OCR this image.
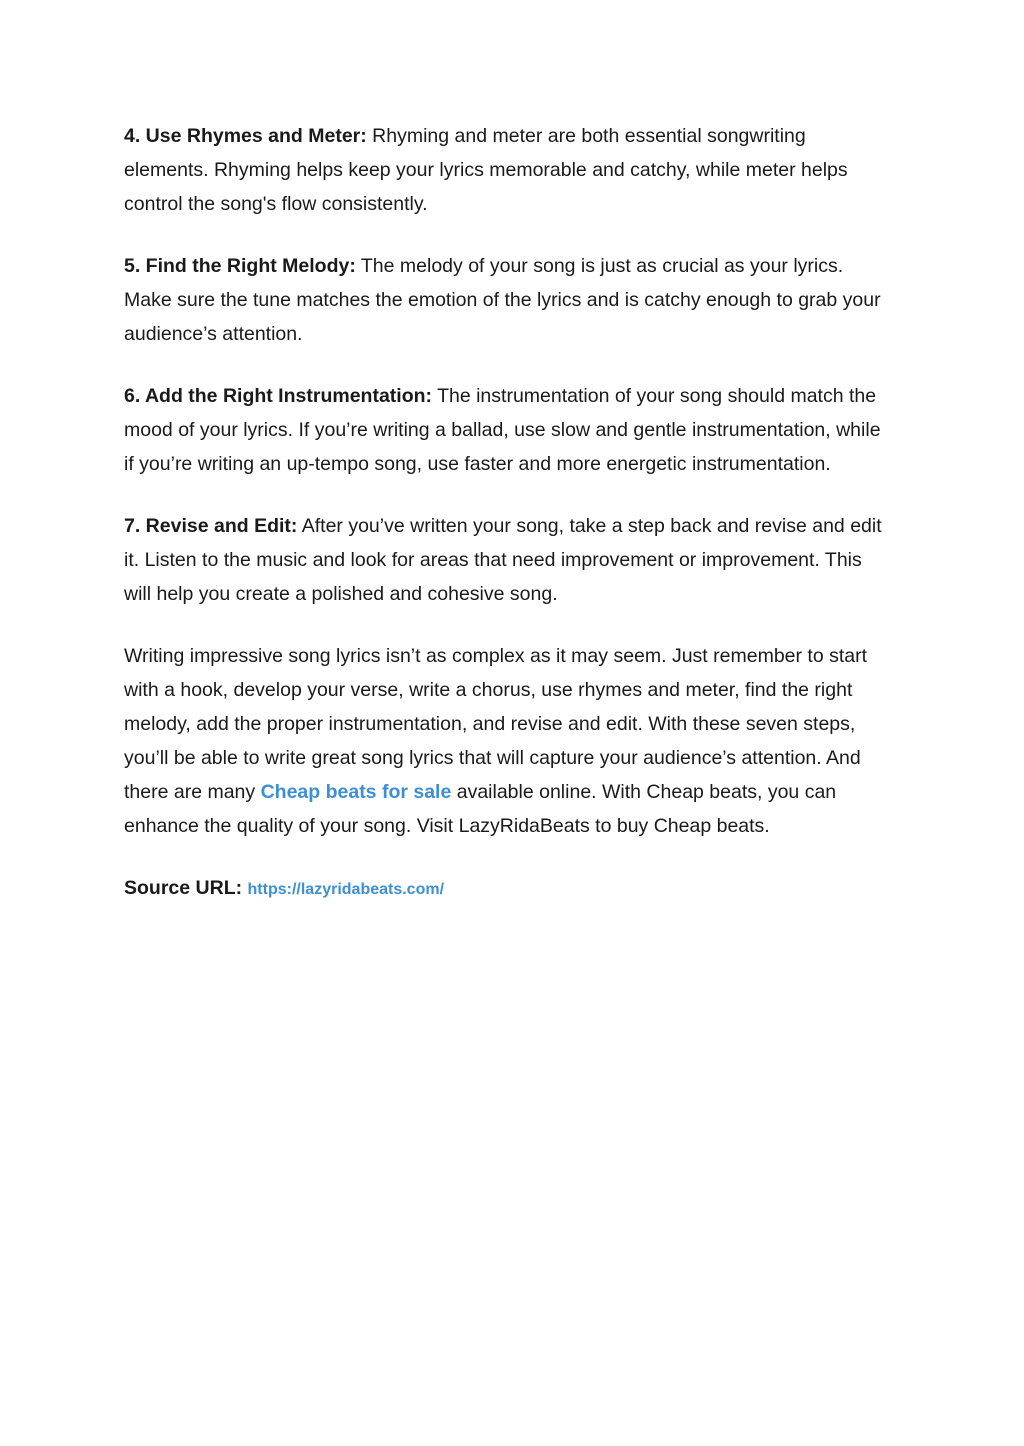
4. Use Rhymes and Meter: Rhyming and meter are both essential songwriting elements. Rhyming helps keep your lyrics memorable and catchy, while meter helps control the song's flow consistently.

5. Find the Right Melody: The melody of your song is just as crucial as your lyrics. Make sure the tune matches the emotion of the lyrics and is catchy enough to grab your audience’s attention.

6. Add the Right Instrumentation: The instrumentation of your song should match the mood of your lyrics. If you’re writing a ballad, use slow and gentle instrumentation, while if you’re writing an up-tempo song, use faster and more energetic instrumentation.

7. Revise and Edit: After you’ve written your song, take a step back and revise and edit it. Listen to the music and look for areas that need improvement or improvement. This will help you create a polished and cohesive song.

Writing impressive song lyrics isn’t as complex as it may seem. Just remember to start with a hook, develop your verse, write a chorus, use rhymes and meter, find the right melody, add the proper instrumentation, and revise and edit. With these seven steps, you’ll be able to write great song lyrics that will capture your audience’s attention. And there are many Cheap beats for sale available online. With Cheap beats, you can enhance the quality of your song. Visit LazyRidaBeats to buy Cheap beats.

Source URL: https://lazyridabeats.com/
